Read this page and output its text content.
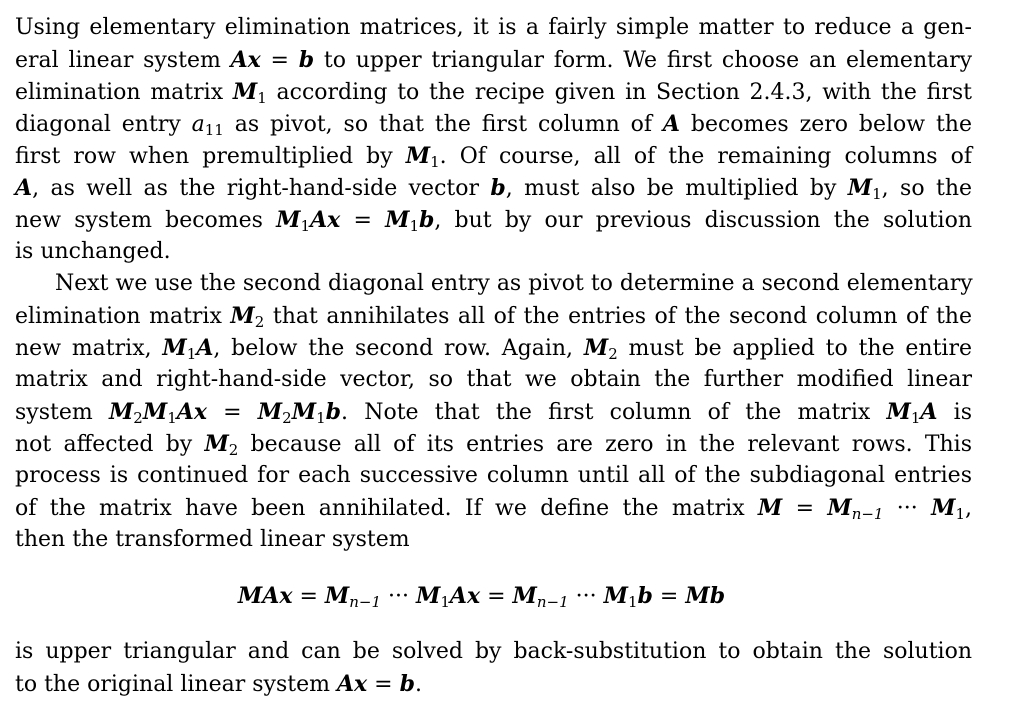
Using elementary elimination matrices, it is a fairly simple matter to reduce a gen-
eral linear system Ax = b to upper triangular form. We first choose an elementary
elimination matrix $M_1$ according to the recipe given in Section 2.4.3, with the first
diagonal entry $a_{11}$ as pivot, so that the first column of A becomes zero below the
first row when premultiplied by $M_1$. Of course, all of the remaining columns of
A, as well as the right-hand-side vector b, must also be multiplied by $M_1$, so the
new system becomes $M_1Ax = M_1b$, but by our previous discussion the solution
is unchanged.
Next we use the second diagonal entry as pivot to determine a second elementary
elimination matrix $M_2$ that annihilates all of the entries of the second column of the
new matrix, $M_1A$, below the second row. Again, $M_2$ must be applied to the entire
matrix and right-hand-side vector, so that we obtain the further modified linear
system $M_2M_1Ax = M_2M_1b$. Note that the first column of the matrix $M_1A$ is
not affected by $M_2$ because all of its entries are zero in the relevant rows. This
process is continued for each successive column until all of the subdiagonal entries
of the matrix have been annihilated. If we define the matrix $M = M_{n-1}$ ··· $M_1$,
then the transformed linear system
MAx = $M_{n-1}$ ··· $M_1Ax = M_{n-1}$ ··· $M_1b = Mb$
is upper triangular and can be solved by back-substitution to obtain the solution
to the original linear system Ax = b.
